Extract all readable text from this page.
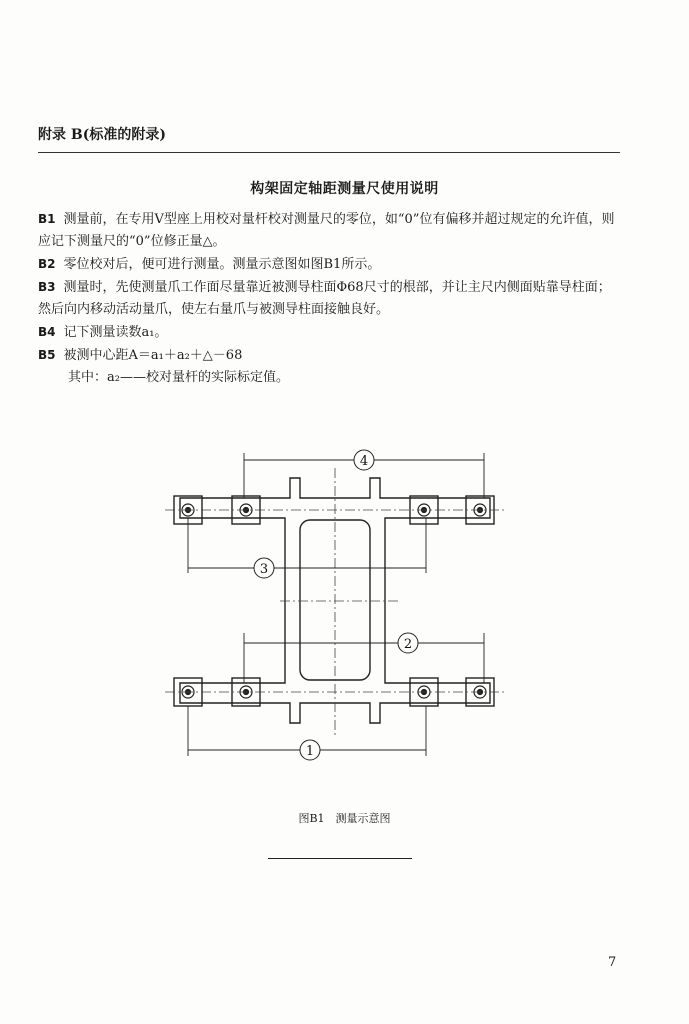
附录 B(标准的附录)
构架固定轴距测量尺使用说明

B1 测量前，在专用V型座上用校对量杆校对测量尺的零位，如“0”位有偏移并超过规定的允许值，则应记下测量尺的“0”位修正量△。

B2 零位校对后，便可进行测量。测量示意图如图B1所示。

B3 测量时，先使测量爪工作面尽量靠近被测导柱面Φ68尺寸的根部，并让主尺内侧面贴靠导柱面；然后向内移动活动量爪，使左右量爪与被测导柱面接触良好。

B4 记下测量读数a₁。

B5 被测中心距A＝a₁＋a₂＋△－68

其中：a₂——校对量杆的实际标定值。

4
3
2
1
图B1　测量示意图
7
